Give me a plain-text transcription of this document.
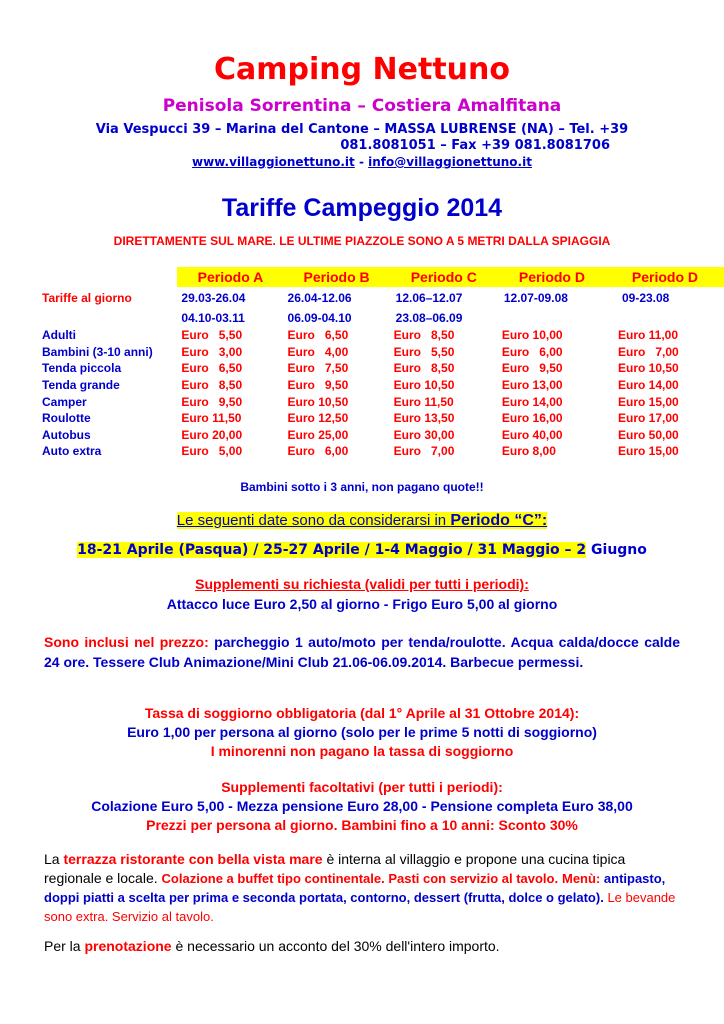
Camping Nettuno
Penisola Sorrentina – Costiera Amalfitana
Via Vespucci 39 – Marina del Cantone – MASSA LUBRENSE (NA) – Tel. +39
081.8081051 – Fax +39 081.8081706
www.villaggionettuno.it - info@villaggionettuno.it
Tariffe Campeggio 2014
DIRETTAMENTE SUL MARE. LE ULTIME PIAZZOLE SONO A 5 METRI DALLA SPIAGGIA
	Periodo A	Periodo B	Periodo C	Periodo D	Periodo D
Tariffe al giorno	29.03-26.04	26.04-12.06	12.06–12.07	12.07-09.08	09-23.08
	04.10-03.11	06.09-04.10	23.08–06.09		
Adulti	Euro   5,50	Euro   6,50	Euro   8,50	Euro 10,00	Euro 11,00
Bambini (3-10 anni)	Euro   3,00	Euro   4,00	Euro   5,50	Euro   6,00	Euro   7,00
Tenda piccola	Euro   6,50	Euro   7,50	Euro   8,50	Euro   9,50	Euro 10,50
Tenda grande	Euro   8,50	Euro   9,50	Euro 10,50	Euro 13,00	Euro 14,00
Camper	Euro   9,50	Euro 10,50	Euro 11,50	Euro 14,00	Euro 15,00
Roulotte	Euro 11,50	Euro 12,50	Euro 13,50	Euro 16,00	Euro 17,00
Autobus	Euro 20,00	Euro 25,00	Euro 30,00	Euro 40,00	Euro 50,00
Auto extra	Euro   5,00	Euro   6,00	Euro   7,00	Euro 8,00	Euro 15,00
Bambini sotto i 3 anni, non pagano quote!!
Le seguenti date sono da considerarsi in Periodo “C”:
18-21 Aprile (Pasqua) / 25-27 Aprile / 1-4 Maggio / 31 Maggio – 2 Giugno
Supplementi su richiesta (validi per tutti i periodi):
Attacco luce Euro 2,50 al giorno - Frigo Euro 5,00 al giorno
Sono inclusi nel prezzo: parcheggio 1 auto/moto per tenda/roulotte. Acqua calda/docce calde 24 ore. Tessere Club Animazione/Mini Club 21.06-06.09.2014. Barbecue permessi.
Tassa di soggiorno obbligatoria (dal 1° Aprile al 31 Ottobre 2014):
Euro 1,00 per persona al giorno (solo per le prime 5 notti di soggiorno)
I minorenni non pagano la tassa di soggiorno
Supplementi facoltativi (per tutti i periodi):
Colazione Euro 5,00 - Mezza pensione Euro 28,00 - Pensione completa Euro 38,00
Prezzi per persona al giorno. Bambini fino a 10 anni: Sconto 30%
La terrazza ristorante con bella vista mare è interna al villaggio e propone una cucina tipica regionale e locale. Colazione a buffet tipo continentale. Pasti con servizio al tavolo. Menù: antipasto, doppi piatti a scelta per prima e seconda portata, contorno, dessert (frutta, dolce o gelato). Le bevande sono extra. Servizio al tavolo.
Per la prenotazione è necessario un acconto del 30% dell'intero importo.
